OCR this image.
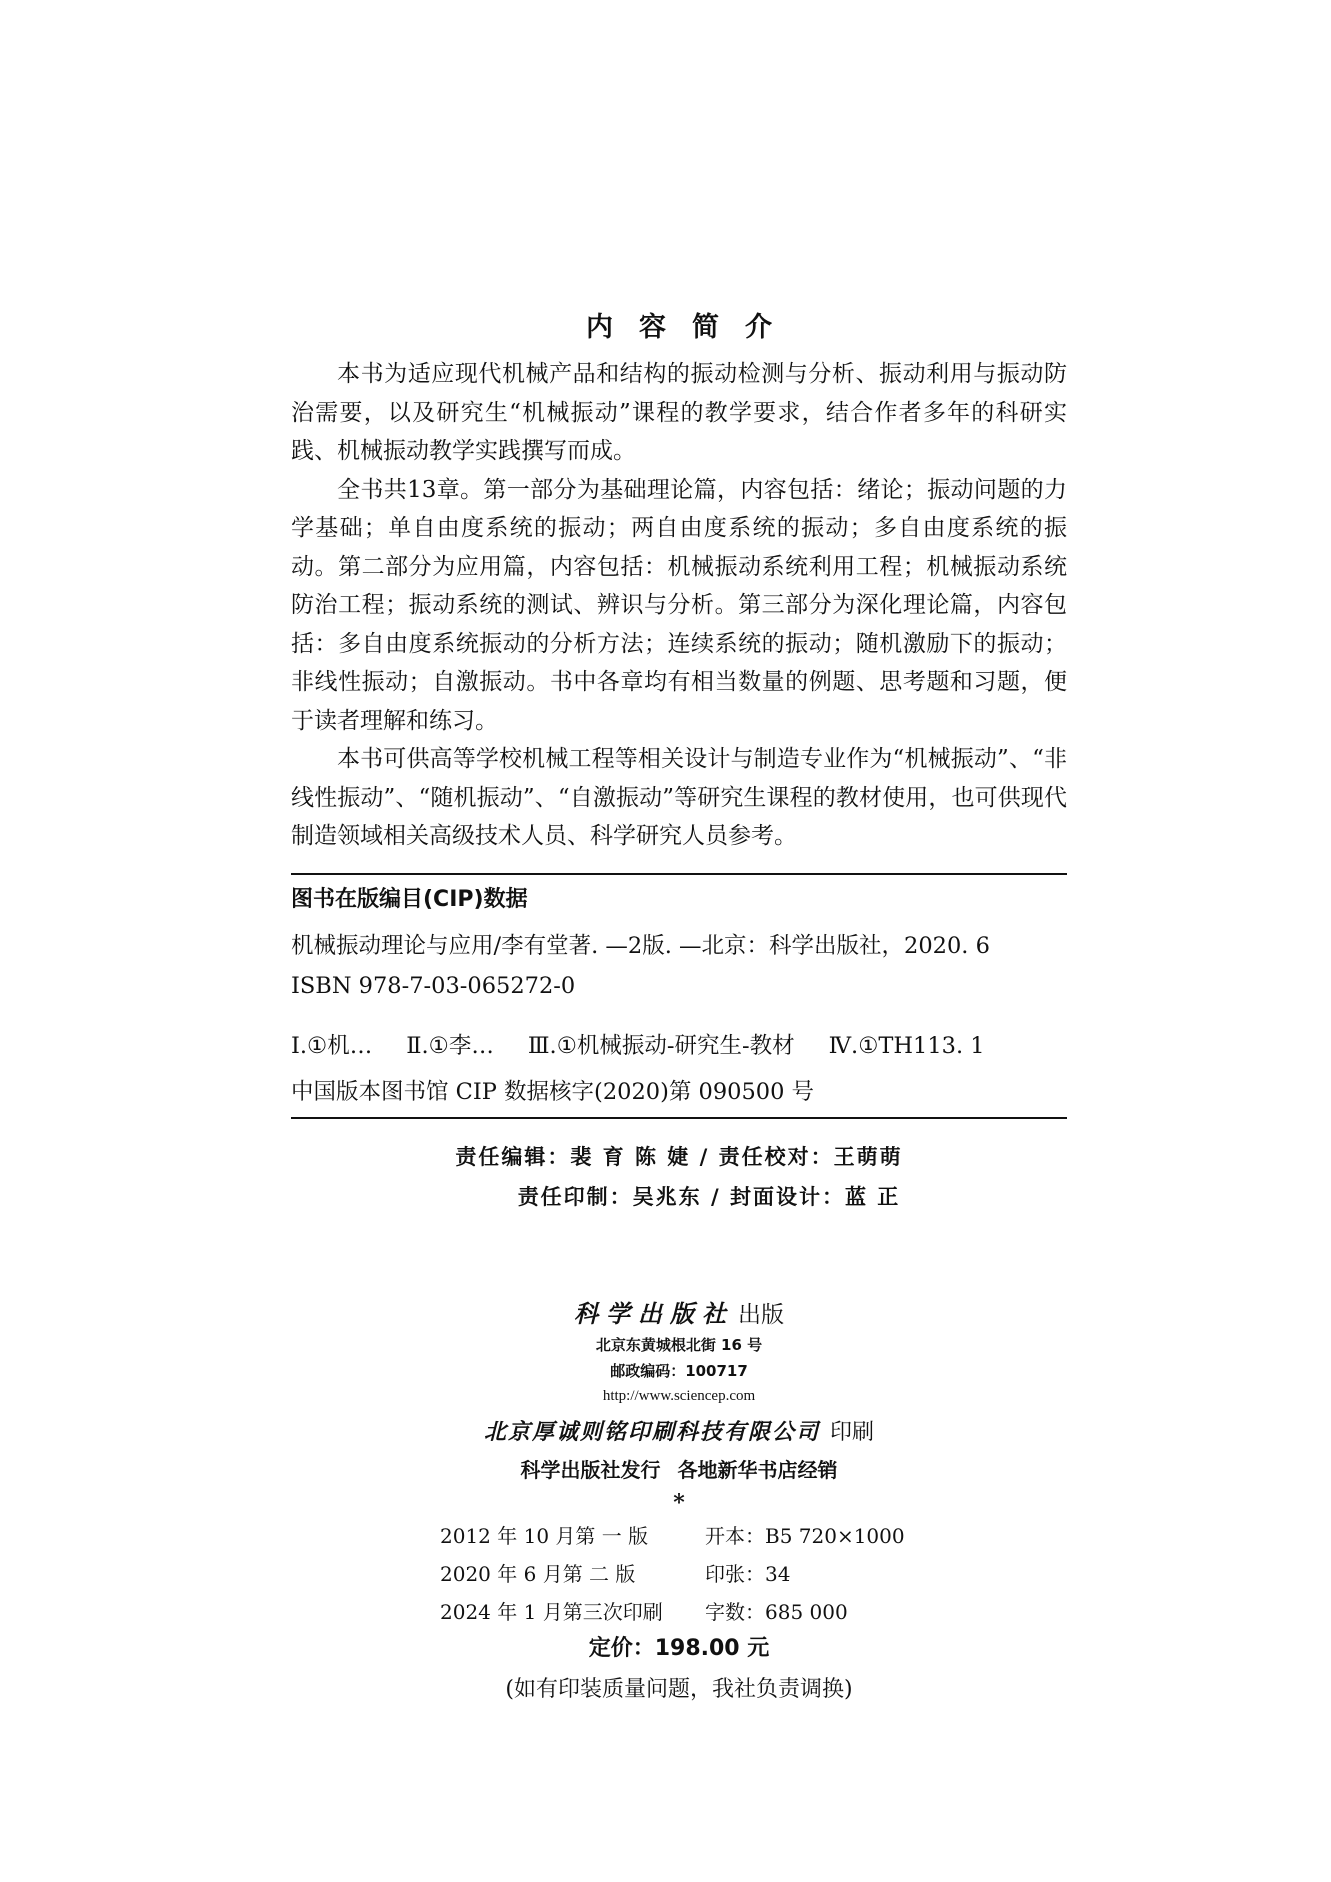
内容简介

本书为适应现代机械产品和结构的振动检测与分析、振动利用与振动防治需要，以及研究生“机械振动”课程的教学要求，结合作者多年的科研实践、机械振动教学实践撰写而成。

全书共13章。第一部分为基础理论篇，内容包括：绪论；振动问题的力学基础；单自由度系统的振动；两自由度系统的振动；多自由度系统的振动。第二部分为应用篇，内容包括：机械振动系统利用工程；机械振动系统防治工程；振动系统的测试、辨识与分析。第三部分为深化理论篇，内容包括：多自由度系统振动的分析方法；连续系统的振动；随机激励下的振动；非线性振动；自激振动。书中各章均有相当数量的例题、思考题和习题，便于读者理解和练习。

本书可供高等学校机械工程等相关设计与制造专业作为“机械振动”、“非线性振动”、“随机振动”、“自激振动”等研究生课程的教材使用，也可供现代制造领域相关高级技术人员、科学研究人员参考。

图书在版编目(CIP)数据
机械振动理论与应用/李有堂著. —2版. —北京：科学出版社，2020. 6
ISBN 978-7-03-065272-0
Ⅰ.①机… Ⅱ.①李… Ⅲ.①机械振动-研究生-教材 Ⅳ.①TH113. 1
中国版本图书馆 CIP 数据核字(2020)第 090500 号
责任编辑：裴 育 陈 婕 / 责任校对：王萌萌
责任印制：吴兆东 / 封面设计：蓝 正
科学出版社 出版
北京东黄城根北街 16 号
邮政编码：100717
http://www.sciencep.com
北京厚诚则铭印刷科技有限公司 印刷
科学出版社发行 各地新华书店经销
*
2012 年 10 月第 一 版	开本：B5 720×1000
2020 年 6 月第 二 版	印张：34
2024 年 1 月第三次印刷	字数：685 000
定价：198.00 元
(如有印装质量问题，我社负责调换)
